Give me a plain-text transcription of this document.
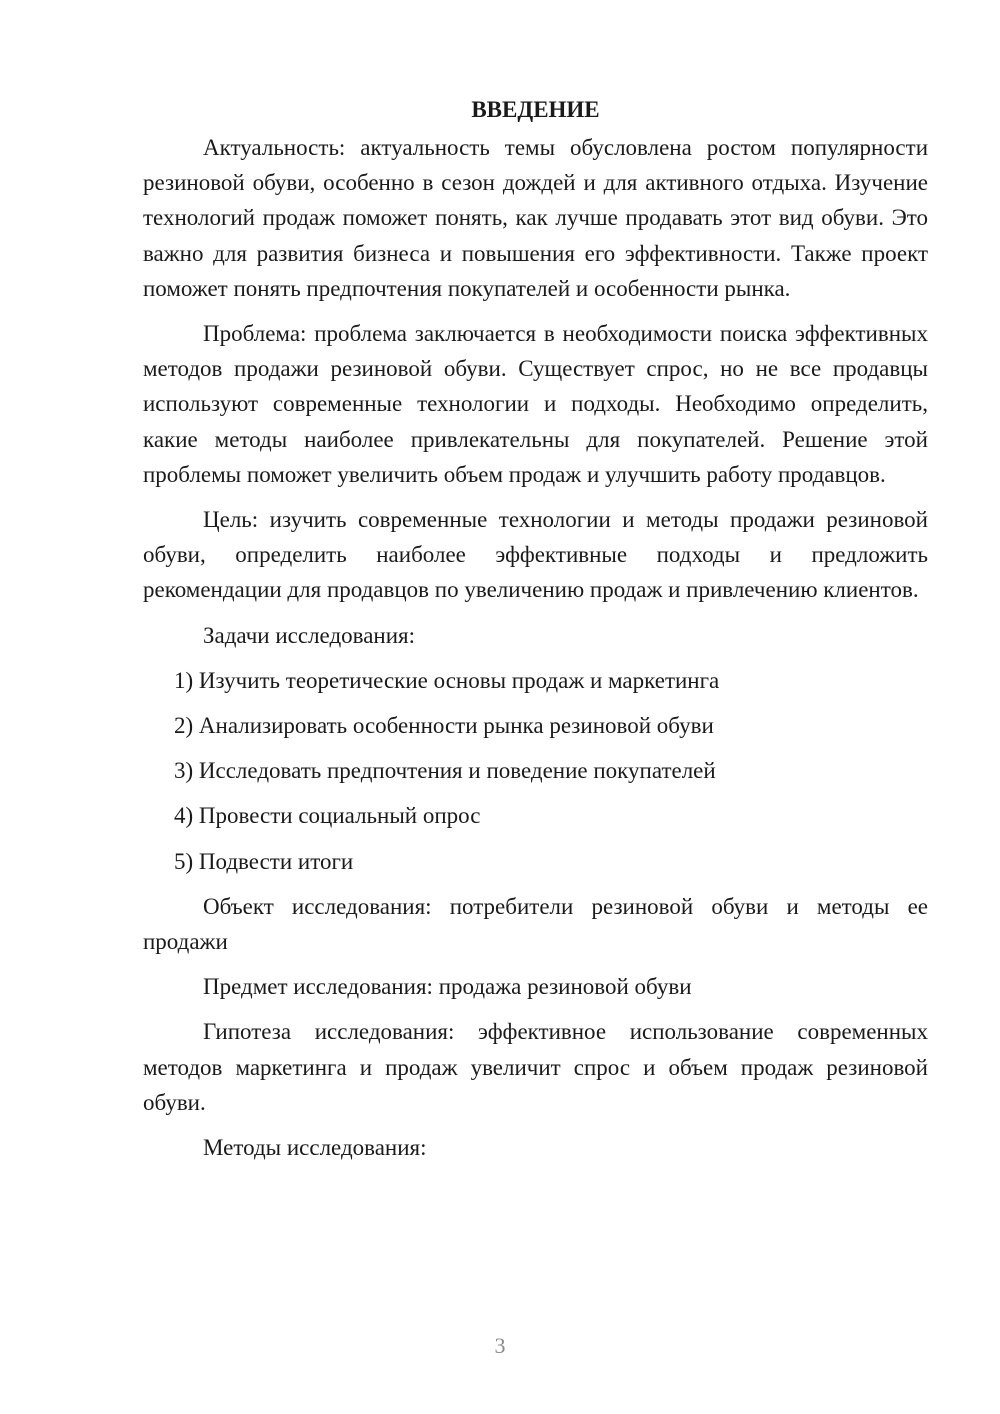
ВВЕДЕНИЕ

Актуальность: актуальность темы обусловлена ростом популярности резиновой обуви, особенно в сезон дождей и для активного отдыха. Изучение технологий продаж поможет понять, как лучше продавать этот вид обуви. Это важно для развития бизнеса и повышения его эффективности. Также проект поможет понять предпочтения покупателей и особенности рынка.

Проблема: проблема заключается в необходимости поиска эффективных методов продажи резиновой обуви. Существует спрос, но не все продавцы используют современные технологии и подходы. Необходимо определить, какие методы наиболее привлекательны для покупателей. Решение этой проблемы поможет увеличить объем продаж и улучшить работу продавцов.

Цель: изучить современные технологии и методы продажи резиновой обуви, определить наиболее эффективные подходы и предложить рекомендации для продавцов по увеличению продаж и привлечению клиентов.

Задачи исследования:

1) Изучить теоретические основы продаж и маркетинга
2) Анализировать особенности рынка резиновой обуви
3) Исследовать предпочтения и поведение покупателей
4) Провести социальный опрос
5) Подвести итоги

Объект исследования: потребители резиновой обуви и методы ее продажи

Предмет исследования: продажа резиновой обуви

Гипотеза исследования: эффективное использование современных методов маркетинга и продаж увеличит спрос и объем продаж резиновой обуви.

Методы исследования:

3
